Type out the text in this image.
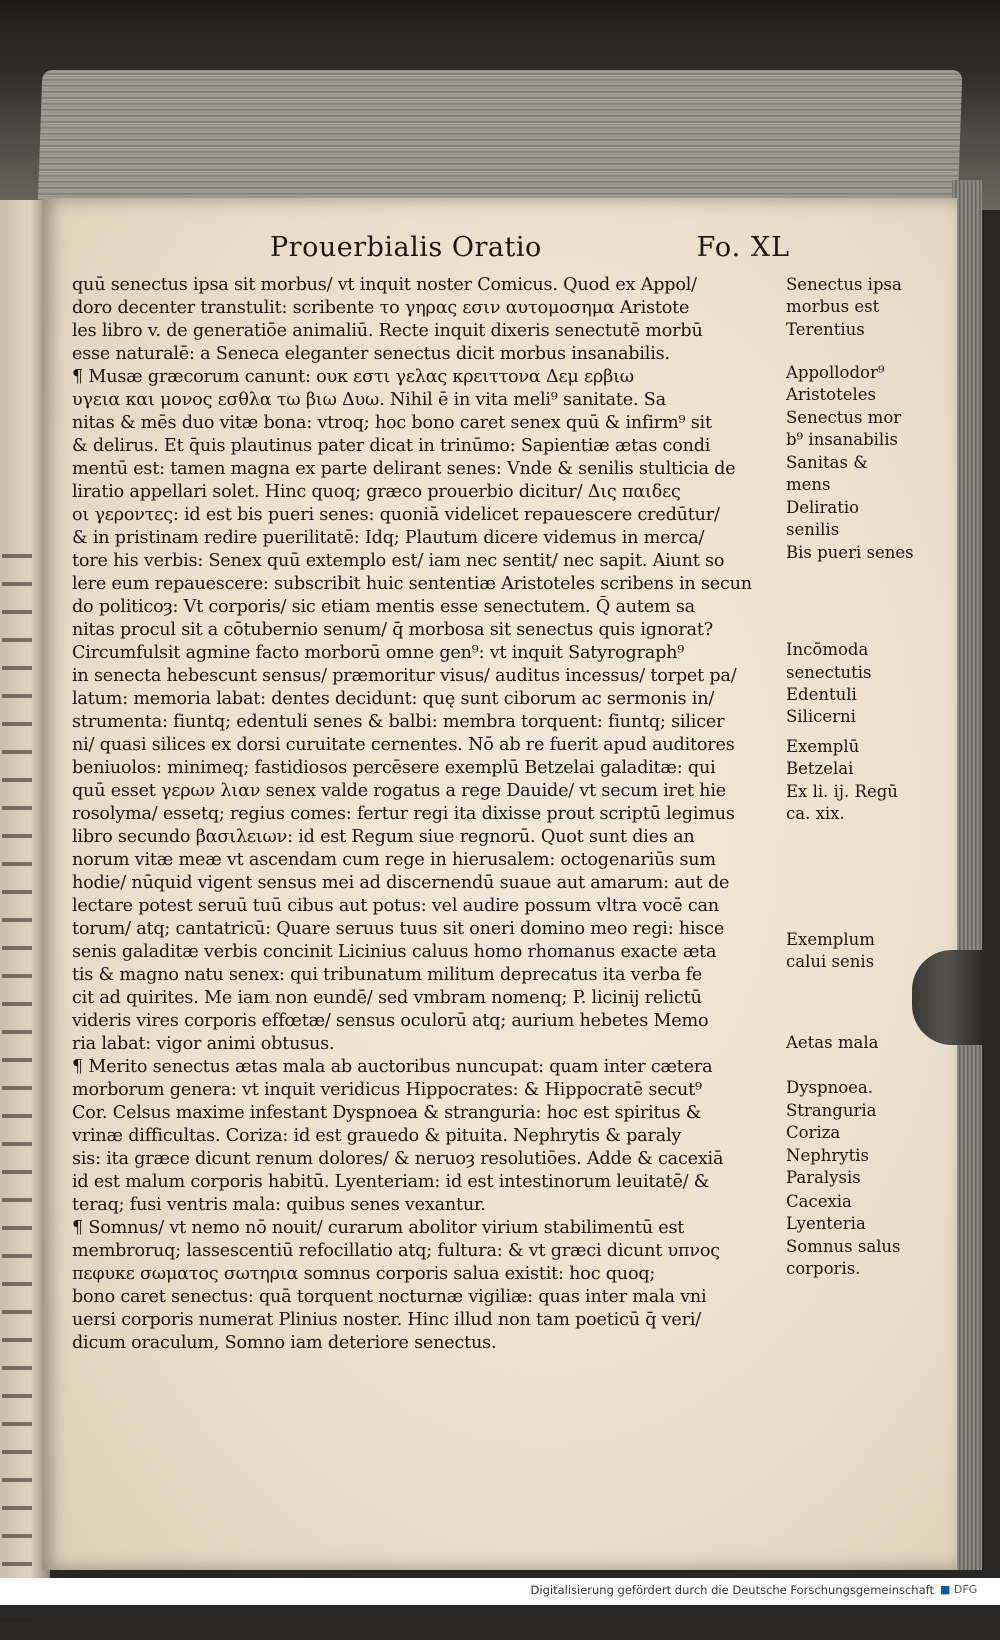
Prouerbialis Oratio	Fo. XL
quū senectus ipsa sit morbus/ vt inquit noster Comicus. Quod ex Appol/
doro decenter transtulit: scribente το γηρας εσιν αυτομοσημα Aristote
les libro v. de generatiōe animaliū. Recte inquit dixeris senectutē morbū
esse naturalē: a Seneca eleganter senectus dicit morbus insanabilis.
¶ Musæ græcorum canunt: ουκ εστι γελας κρειττονα Δεμ ερβιω
υγεια και μονος εσθλα τω βιω Δυω. Nihil ē in vita meli⁹ sanitate. Sa
nitas & mēs duo vitæ bona: vtroq; hoc bono caret senex quū & infirm⁹ sit
& delirus. Et q̄uis plautinus pater dicat in trinūmo: Sapientiæ ætas condi
mentū est: tamen magna ex parte delirant senes: Vnde & senilis stulticia de
liratio appellari solet. Hinc quoq; græco prouerbio dicitur/ Δις παιδες
οι γεροντες: id est bis pueri senes: quoniā videlicet repauescere credūtur/
& in pristinam redire puerilitatē: Idq; Plautum dicere videmus in merca/
tore his verbis: Senex quū extemplo est/ iam nec sentit/ nec sapit. Aiunt so
lere eum repauescere: subscribit huic sententiæ Aristoteles scribens in secun
do politicoȝ: Vt corporis/ sic etiam mentis esse senectutem. Q̄ autem sa
nitas procul sit a cōtubernio senum/ q̄ morbosa sit senectus quis ignorat?
Circumfulsit agmine facto morborū omne gen⁹: vt inquit Satyrograph⁹
in senecta hebescunt sensus/ præmoritur visus/ auditus incessus/ torpet pa/
latum: memoria labat: dentes decidunt: quę sunt ciborum ac sermonis in/
strumenta: fiuntq; edentuli senes & balbi: membra torquent: fiuntq; silicer
ni/ quasi silices ex dorsi curuitate cernentes. Nō ab re fuerit apud auditores
beniuolos: minimeq; fastidiosos percēsere exemplū Betzelai galaditæ: qui
quū esset γερων λιαν senex valde rogatus a rege Dauide/ vt secum iret hie
rosolyma/ essetq; regius comes: fertur regi ita dixisse prout scriptū legimus
libro secundo βασιλειων: id est Regum siue regnorū. Quot sunt dies an
norum vitæ meæ vt ascendam cum rege in hierusalem: octogenariūs sum
hodie/ nūquid vigent sensus mei ad discernendū suaue aut amarum: aut de
lectare potest seruū tuū cibus aut potus: vel audire possum vltra vocē can
torum/ atq; cantatricū: Quare seruus tuus sit oneri domino meo regi: hisce
senis galaditæ verbis concinit Licinius caluus homo rhomanus exacte æta
tis & magno natu senex: qui tribunatum militum deprecatus ita verba fe
cit ad quirites. Me iam non eundē/ sed vmbram nomenq; P. licinij relictū
videris vires corporis effœtæ/ sensus oculorū atq; aurium hebetes Memo
ria labat: vigor animi obtusus.
¶ Merito senectus ætas mala ab auctoribus nuncupat: quam inter cætera
morborum genera: vt inquit veridicus Hippocrates: & Hippocratē secut⁹
Cor. Celsus maxime infestant Dyspnoea & stranguria: hoc est spiritus &
vrinæ difficultas. Coriza: id est grauedo & pituita. Nephrytis & paraly
sis: ita græce dicunt renum dolores/ & neruoȝ resolutiōes. Adde & cacexiā
id est malum corporis habitū. Lyenteriam: id est intestinorum leuitatē/ &
teraq; fusi ventris mala: quibus senes vexantur.
¶ Somnus/ vt nemo nō nouit/ curarum abolitor virium stabilimentū est
membroruq; lassescentiū refocillatio atq; fultura: & vt græci dicunt υπνος
πεφυκε σωματος σωτηρια somnus corporis salua existit: hoc quoq;
bono caret senectus: quā torquent nocturnæ vigiliæ: quas inter mala vni
uersi corporis numerat Plinius noster. Hinc illud non tam poeticū q̄ veri/
dicum oraculum, Somno iam deteriore senectus.
Senectus ipsa
morbus est
Terentius
Appollodor⁹
Aristoteles
Senectus mor
b⁹ insanabilis
Sanitas &
mens
Deliratio
senilis
Bis pueri senes
Incōmoda
senectutis
Edentuli
Silicerni
Exemplū
Betzelai
Ex li. ij. Regū
ca. xix.
Exemplum
calui senis
Aetas mala
Dyspnoea.
Stranguria
Coriza
Nephrytis
Paralysis
Cacexia
Lyenteria
Somnus salus
corporis.
Digitalisierung gefördert durch die Deutsche Forschungsgemeinschaft ■ DFG
